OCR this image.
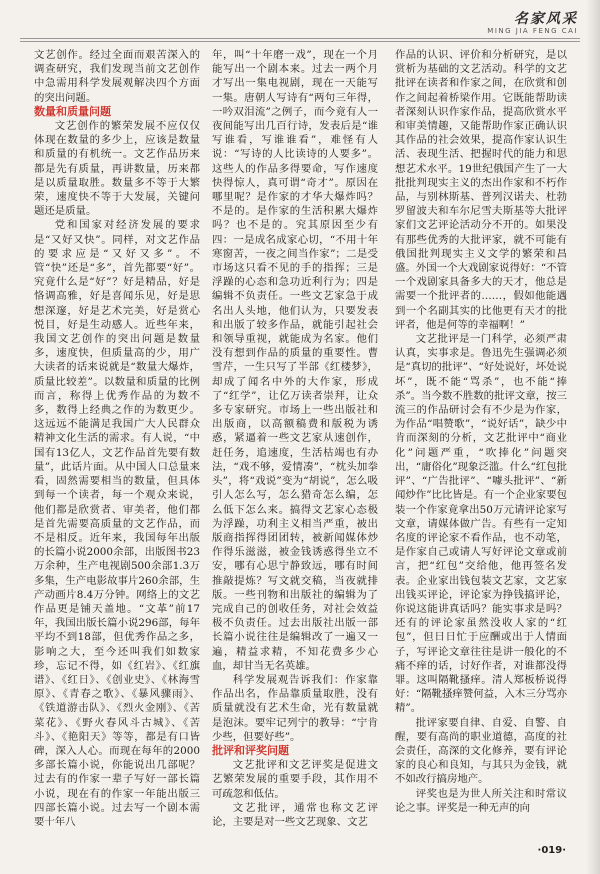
名家风采
MING JIA FENG CAI

文艺创作。经过全面而艰苦深入的调查研究，我们发现当前文艺创作中急需用科学发展观解决四个方面的突出问题。

数量和质量问题

文艺创作的繁荣发展不应仅仅体现在数量的多少上，应该是数量和质量的有机统一。文艺作品历来都是先有质量，再讲数量，历来都是以质量取胜。数量多不等于大繁荣，速度快不等于大发展，关键问题还是质量。

党和国家对经济发展的要求是“又好又快”。同样，对文艺作品的要求应是“又好又多”。不管“快”还是“多”，首先都要“好”。究竟什么是“好”？好是精品，好是恪调高雅，好是喜闻乐见，好是思想深邃，好是艺术完美，好是赏心悦目，好是生动感人。近些年来，我国文艺创作的突出问题是数量多，速度快，但质量高的少，用广大读者的话来说就是“数量大爆炸，质量比较差”。以数量和质量的比例而言，称得上优秀作品的为数不多，数得上经典之作的为数更少。这远远不能满足我国广大人民群众精神文化生活的需求。有人说，“中国有13亿人，文艺作品首先要有数量”，此话片面。从中国人口总量来看，固然需要相当的数量，但具体到每一个读者，每一个观众来说，他们都是欣赏者、审美者，他们都是首先需要高质量的文艺作品，而不是相反。近年来，我国每年出版的长篇小说2000余部，出版图书23万余种，生产电视剧500余部1.3万多集，生产电影故事片260余部，生产动画片8.4万分钟。网络上的文艺作品更是铺天盖地。“文革”前17年，我国出版长篇小说296部，每年平均不到18部，但优秀作品之多，影响之大，至今还叫我们如数家珍，忘记不得，如《红岩》、《红旗谱》、《红日》、《创业史》、《林海雪原》、《青春之歌》、《暴风骤雨》、《铁道游击队》、《烈火金刚》、《苦菜花》、《野火春风斗古城》、《苦斗》、《艳阳天》等等，都是有口皆碑，深入人心。而现在每年的2000多部长篇小说，你能说出几部呢？过去有的作家一辈子写好一部长篇小说，现在有的作家一年能出版三四部长篇小说。过去写一个剧本需要十年八

年，叫“十年磨一戏”，现在一个月能写出一个剧本来。过去一两个月才写出一集电视剧，现在一天能写一集。唐朝人写诗有“两句三年得，一吟双泪流”之例子，而今竟有人一夜间能写出几百行诗，发表后是“谁写谁看，写谁谁看”，难怪有人说：“写诗的人比读诗的人要多”。这些人的作品多得要命，写作速度快得惊人，真可谓“奇才”。原因在哪里呢？是作家的才华大爆炸吗？不是的。是作家的生活积累大爆炸吗？也不是的。究其原因至少有四：一是成名成家心切，“不用十年寒窗苦，一夜之间当作家”；二是受市场这只看不见的手的指挥；三是浮躁的心态和急功近利行为；四是编辑不负责任。一些文艺家急于成名出人头地，他们认为，只要发表和出版了较多作品，就能引起社会和领导重视，就能成为名家。他们没有想到作品的质量的重要性。曹雪芹，一生只写了半部《红楼梦》，却成了闻名中外的大作家，形成了“红学”，让亿万读者崇拜，让众多专家研究。市场上一些出版社和出版商，以高额稿费和版税为诱惑，紧逼着一些文艺家从速创作，赶任务，追速度，生活枯竭也有办法，“戏不够，爱情凑”，“枕头加拳头”，将“戏说”变为“胡说”，怎么吸引人怎么写，怎么猎奇怎么编，怎么低下怎么来。搞得文艺家心态极为浮躁，功利主义相当严重，被出版商指挥得团团转，被新闻媒体炒作得乐滋滋，被金钱诱惑得坐立不安，哪有心思宁静致远，哪有时间推敲提炼？写文就交稿，当夜就排版。一些刊物和出版社的编辑为了完成自己的创收任务，对社会效益极不负责任。过去出版社出版一部长篇小说往往是编辑改了一遍又一遍，精益求精，不知花费多少心血，却甘当无名英雄。

科学发展观告诉我们：作家靠作品出名，作品靠质量取胜，没有质量就没有艺术生命，光有数量就是泡沫。要牢记列宁的教导：“宁肯少些，但要好些”。

批评和评奖问题

文艺批评和文艺评奖是促进文艺繁荣发展的重要手段，其作用不可疏忽和低估。

文艺批评，通常也称文艺评论，主要是对一些文艺现象、文艺

作品的认识、评价和分析研究，是以赏析为基础的文艺活动。科学的文艺批评在读者和作家之间，在欣赏和创作之间起着桥梁作用。它既能帮助读者深刻认识作家作品，提高欣赏水平和审美情趣，又能帮助作家正确认识其作品的社会效果，提高作家认识生活、表现生活、把握时代的能力和思想艺术水平。19世纪俄国产生了一大批批判现实主义的杰出作家和不朽作品，与别林斯基、普列汉诺夫、杜勃罗留波夫和车尔尼雪夫斯基等大批评家们文艺评论活动分不开的。如果没有那些优秀的大批评家，就不可能有俄国批判现实主义文学的繁荣和昌盛。外国一个大戏剧家说得好：“不管一个戏剧家具备多大的天才，他总是需要一个批评者的……，假如他能遇到一个名副其实的比他更有天才的批评者，他是何等的幸福啊！”

文艺批评是一门科学，必须严肃认真，实事求是。鲁迅先生强调必须是“真切的批评”、“好处说好，坏处说坏”，既不能“骂杀”，也不能“捧杀”。当今数不胜数的批评文章，按三流三的作品研讨会有不少是为作家，为作品“唱赞歌”，“说好话”，缺少中肯而深刻的分析，文艺批评中“商业化”问题严重，“吹捧化”问题突出，“庸俗化”现象泛滥。什么“红包批评”、“广告批评”、“噱头批评”、“新闻炒作”比比皆是。有一个企业家要包装一个作家竟拿出50万元请评论家写文章，请媒体做广告。有些有一定知名度的评论家不看作品，也不动笔，是作家自己或请人写好评论文章或前言，把“红包”交给他，他再签名发表。企业家出钱包装文艺家，文艺家出钱买评论，评论家为挣钱搞评论，你说这能讲真话吗？能实事求是吗？还有的评论家虽然没收人家的“红包”，但日日忙于应酬或出于人情面子，写评论文章往往是讲一般化的不痛不痒的话，讨好作者，对谁都没得罪。这叫隔靴搔痒。清人郑板桥说得好：“隔靴搔痒赞何益，入木三分骂亦精”。

批评家要自律、自爱、自警、自醒，要有高尚的职业道德，高度的社会责任，高深的文化修养，要有评论家的良心和良知，与其只为金钱，就不如改行搞房地产。

评奖也是为世人所关注和时常议论之事。评奖是一种无声的向

·019·
